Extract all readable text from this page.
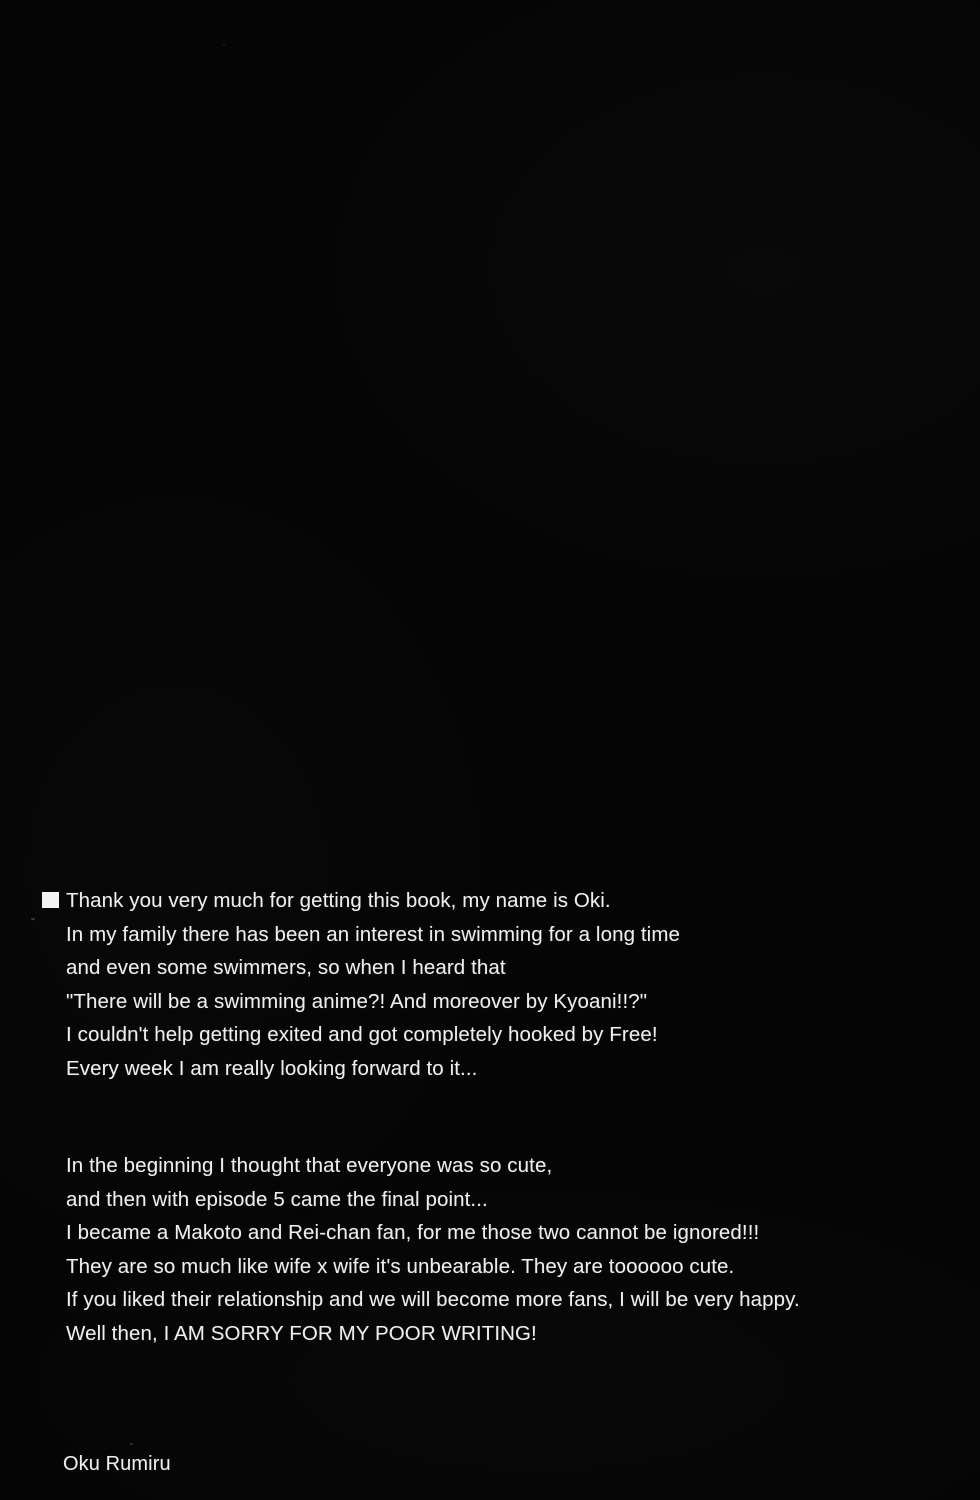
Thank you very much for getting this book, my name is Oki.
In my family there has been an interest in swimming for a long time
and even some swimmers, so when I heard that
"There will be a swimming anime?! And moreover by Kyoani!!?"
I couldn't help getting exited and got completely hooked by Free!
Every week I am really looking forward to it...
In the beginning I thought that everyone was so cute,
and then with episode 5 came the final point...
I became a Makoto and Rei-chan fan, for me those two cannot be ignored!!!
They are so much like wife x wife it's unbearable. They are toooooo cute.
If you liked their relationship and we will become more fans, I will be very happy.
Well then, I AM SORRY FOR MY POOR WRITING!
Oku Rumiru
